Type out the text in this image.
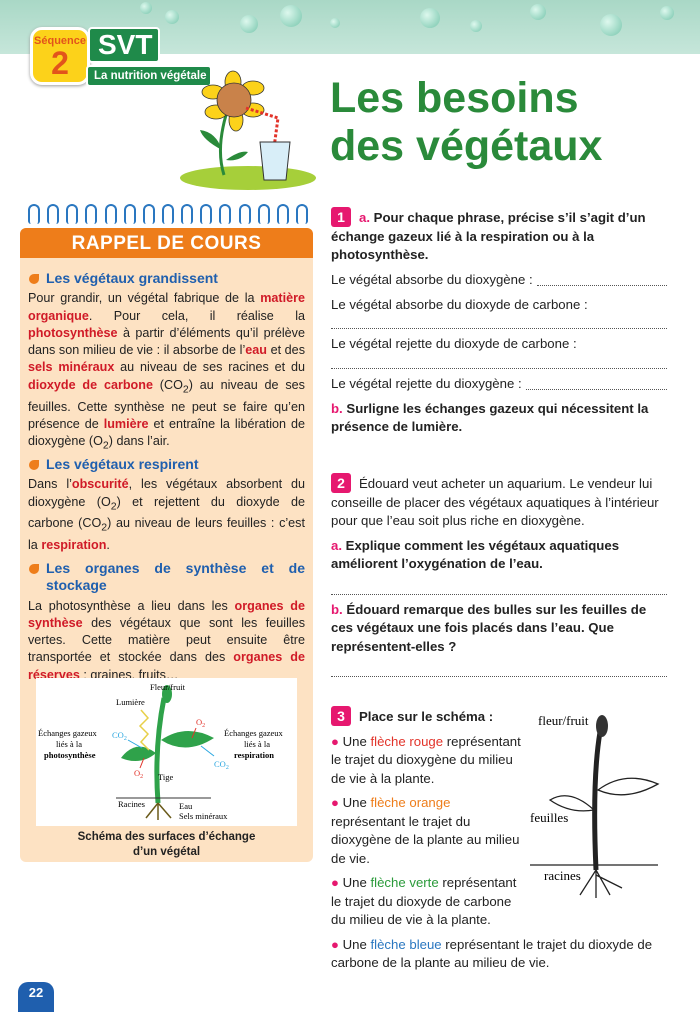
Séquence
2
SVT
La nutrition végétale	Les besoins
des végétaux
RAPPEL DE COURS
Les végétaux grandissent

Pour grandir, un végétal fabrique de la matière organique. Pour cela, il réalise la photosynthèse à partir d’éléments qu’il prélève dans son milieu de vie : il absorbe de l’eau et des sels minéraux au niveau de ses racines et du dioxyde de carbone $(CO_2)$ au niveau de ses feuilles. Cette synthèse ne peut se faire qu’en présence de lumière et entraîne la libération de dioxygène $(O_2)$ dans l’air.

Les végétaux respirent

Dans l’obscurité, les végétaux absorbent du dioxygène $(O_2)$ et rejettent du dioxyde de carbone $(CO_2)$ au niveau de leurs feuilles : c’est la respiration.

Les organes de synthèse et de stockage

La photosynthèse a lieu dans les organes de synthèse des végétaux que sont les feuilles vertes. Cette matière peut ensuite être transportée et stockée dans des organes de réserves : graines, fruits…

Fleur/fruit
Lumière
Échanges gazeux
liés à la
photosynthèse
Échanges gazeux
liés à la
respiration
$CO_2$
$O_2$
$O_2$
$CO_2$
Tige
Racines	Eau
Sels minéraux
Schéma des surfaces d’échange
d’un végétal
1 a. Pour chaque phrase, précise s’il s’agit d’un échange gazeux lié à la respiration ou à la photosynthèse.
Le végétal absorbe du dioxygène :
Le végétal absorbe du dioxyde de carbone :
Le végétal rejette du dioxyde de carbone :
Le végétal rejette du dioxygène :
b. Surligne les échanges gazeux qui nécessitent la présence de lumière.
2 Édouard veut acheter un aquarium. Le vendeur lui conseille de placer des végétaux aquatiques à l’intérieur pour que l’eau soit plus riche en dioxygène.
a. Explique comment les végétaux aquatiques améliorent l’oxygénation de l’eau.
b. Édouard remarque des bulles sur les feuilles de ces végétaux une fois placés dans l’eau. Que représentent-elles ?
3 Place sur le schéma :
● Une flèche rouge représentant le trajet du dioxygène du milieu de vie à la plante.
● Une flèche orange représentant le trajet du dioxygène de la plante au milieu de vie.
● Une flèche verte représentant le trajet du dioxyde de carbone du milieu de vie à la plante.
● Une flèche bleue représentant le trajet du dioxyde de carbone de la plante au milieu de vie.
fleur/fruit
feuilles
racines
22
